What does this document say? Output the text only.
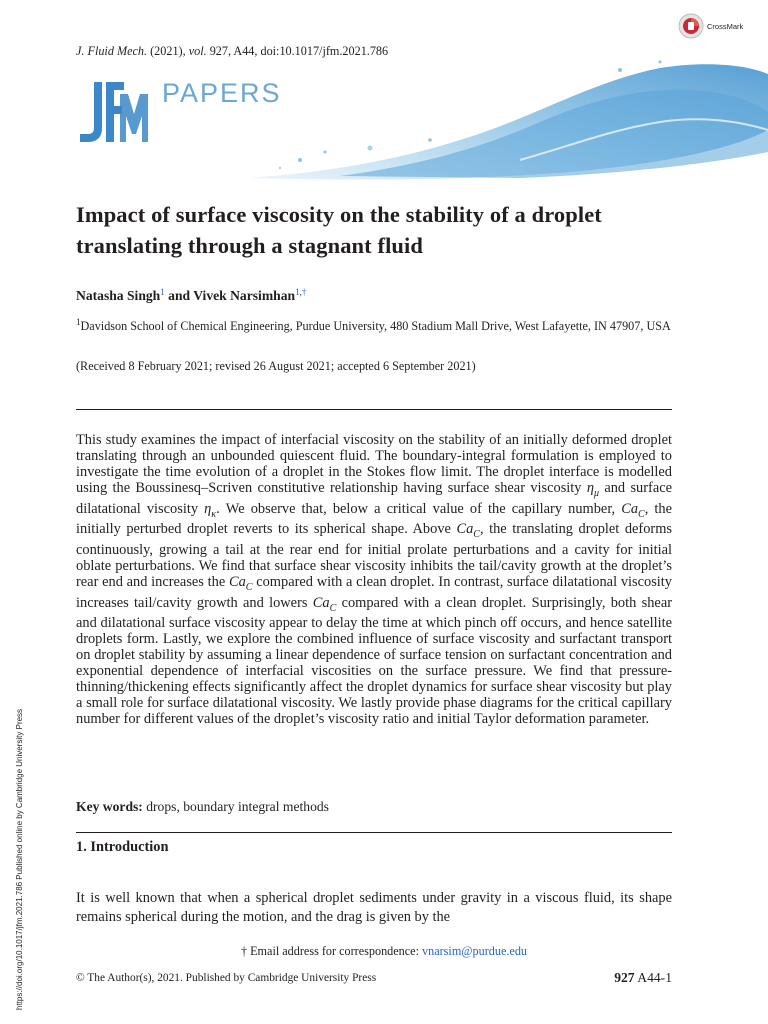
J. Fluid Mech. (2021), vol. 927, A44, doi:10.1017/jfm.2021.786
CrossMark
PAPERS
Impact of surface viscosity on the stability of a droplet translating through a stagnant fluid
Natasha Singh$^1$ and Vivek Narsimhan$^{1,\dagger}$
$^1$Davidson School of Chemical Engineering, Purdue University, 480 Stadium Mall Drive, West Lafayette, IN 47907, USA
(Received 8 February 2021; revised 26 August 2021; accepted 6 September 2021)
This study examines the impact of interfacial viscosity on the stability of an initially deformed droplet translating through an unbounded quiescent fluid. The boundary-integral formulation is employed to investigate the time evolution of a droplet in the Stokes flow limit. The droplet interface is modelled using the Boussinesq–Scriven constitutive relationship having surface shear viscosity $\eta_\mu$ and surface dilatational viscosity $\eta_\kappa$. We observe that, below a critical value of the capillary number, $Ca_C$, the initially perturbed droplet reverts to its spherical shape. Above $Ca_C$, the translating droplet deforms continuously, growing a tail at the rear end for initial prolate perturbations and a cavity for initial oblate perturbations. We find that surface shear viscosity inhibits the tail/cavity growth at the droplet’s rear end and increases the $Ca_C$ compared with a clean droplet. In contrast, surface dilatational viscosity increases tail/cavity growth and lowers $Ca_C$ compared with a clean droplet. Surprisingly, both shear and dilatational surface viscosity appear to delay the time at which pinch off occurs, and hence satellite droplets form. Lastly, we explore the combined influence of surface viscosity and surfactant transport on droplet stability by assuming a linear dependence of surface tension on surfactant concentration and exponential dependence of interfacial viscosities on the surface pressure. We find that pressure-thinning/thickening effects significantly affect the droplet dynamics for surface shear viscosity but play a small role for surface dilatational viscosity. We lastly provide phase diagrams for the critical capillary number for different values of the droplet’s viscosity ratio and initial Taylor deformation parameter.
Key words: drops, boundary integral methods
1. Introduction
It is well known that when a spherical droplet sediments under gravity in a viscous fluid, its shape remains spherical during the motion, and the drag is given by the
† Email address for correspondence: vnarsim@purdue.edu
© The Author(s), 2021. Published by Cambridge University Press	927 A44-1
https://doi.org/10.1017/jfm.2021.786 Published online by Cambridge University Press
